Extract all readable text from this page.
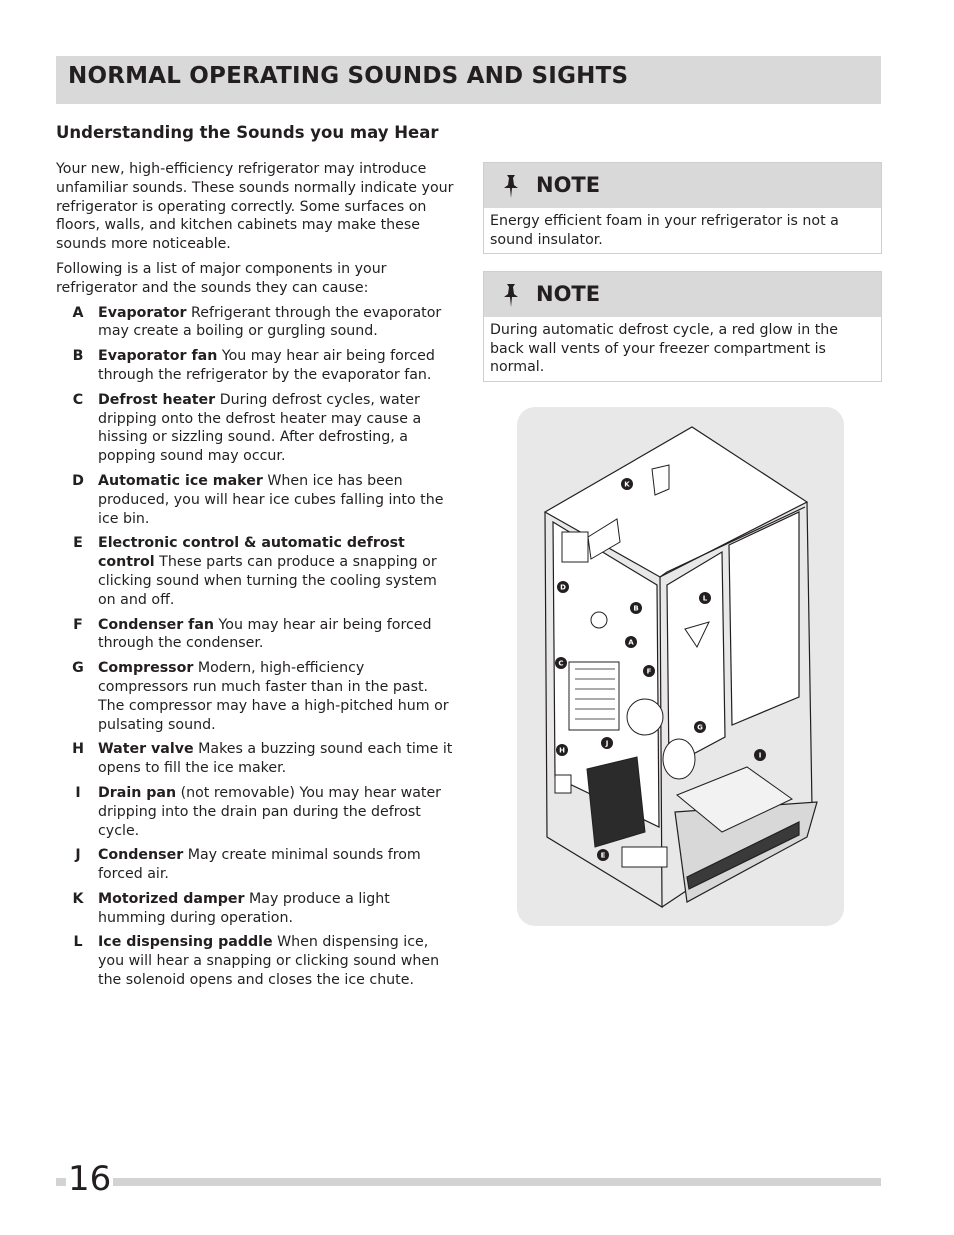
NORMAL OPERATING SOUNDS AND SIGHTS
Understanding the Sounds you may Hear

Your new, high-efficiency refrigerator may introduce unfamiliar sounds. These sounds normally indicate your refrigerator is operating correctly. Some surfaces on floors, walls, and kitchen cabinets may make these sounds more noticeable.

Following is a list of major components in your refrigerator and the sounds they can cause:

A	Evaporator Refrigerant through the evaporator may create a boiling or gurgling sound.
B	Evaporator fan You may hear air being forced through the refrigerator by the evaporator fan.
C	Defrost heater During defrost cycles, water dripping onto the defrost heater may cause a hissing or sizzling sound. After defrosting, a popping sound may occur.
D Automatic ice maker When ice has been produced, you will hear ice cubes falling into the ice bin.
E	Electronic control & automatic defrost control These parts can produce a snapping or clicking sound when turning the cooling system on and off.
F	Condenser fan You may hear air being forced through the condenser.
G Compressor Modern, high-efficiency compressors run much faster than in the past. The compressor may have a high-pitched hum or pulsating sound.
H Water valve Makes a buzzing sound each time it opens to fill the ice maker.
I	Drain pan (not removable) You may hear water dripping into the drain pan during the defrost cycle.
J	Condenser May create minimal sounds from forced air.
K	Motorized damper May produce a light humming during operation.
L	Ice dispensing paddle When dispensing ice, you will hear a snapping or clicking sound when the solenoid opens and closes the ice chute.
NOTE
Energy efficient foam in your refrigerator is not a sound insulator.
NOTE
During automatic defrost cycle, a red glow in the back wall vents of your freezer compartment is normal.
A
B
C
D
E
F
G
H
I
J
K
L
16
